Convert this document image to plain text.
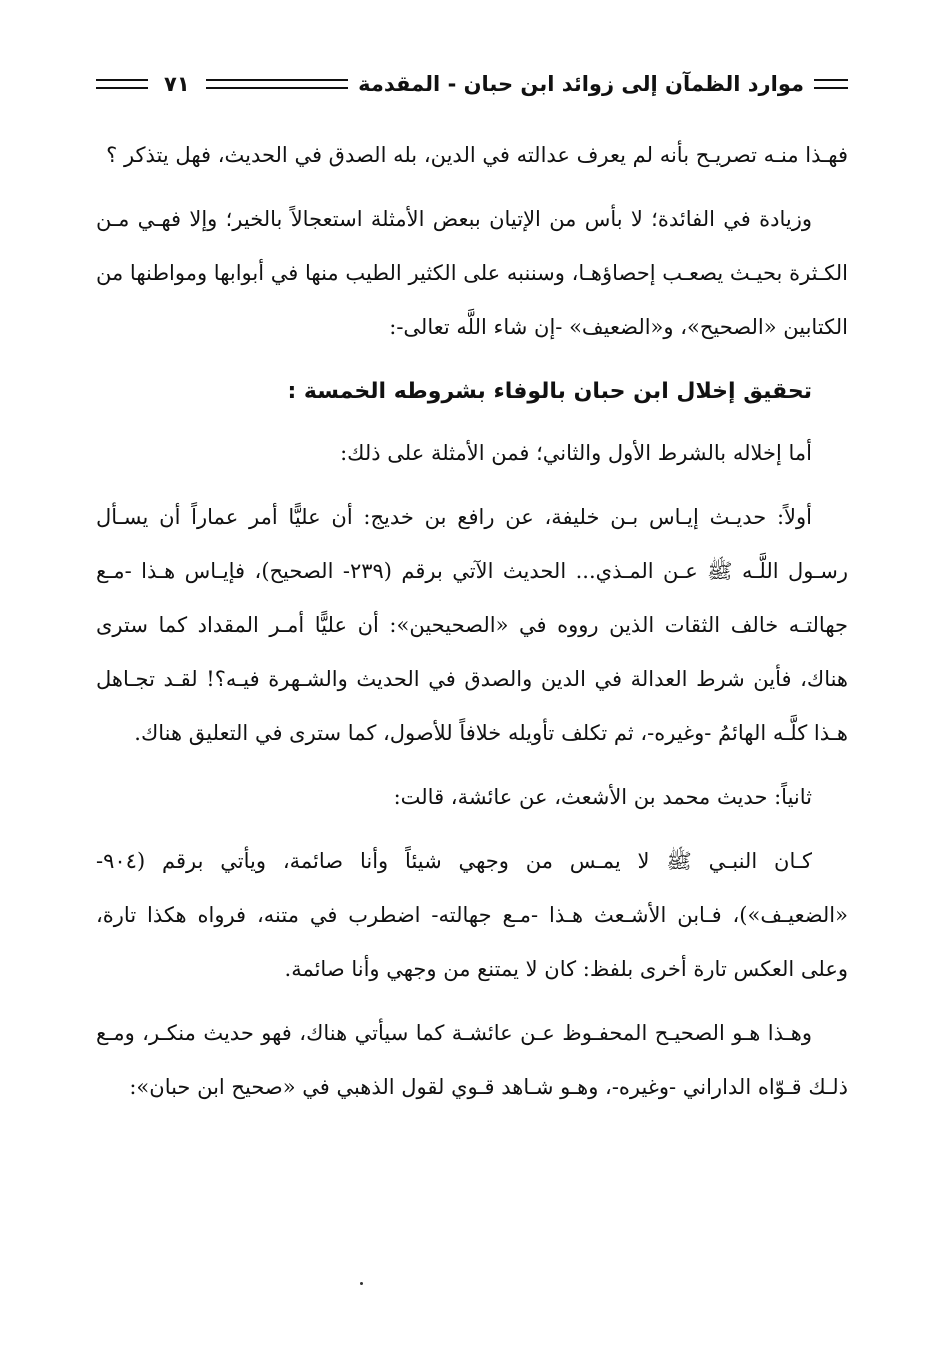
موارد الظمآن إلى زوائد ابن حبان - المقدمة
٧١

فهـذا منـه تصريـح بأنه لم يعرف عدالته في الدين، بله الصدق في الحديث، فهل يتذكر ؟

وزيادة في الفائدة؛ لا بأس من الإتيان ببعض الأمثلة استعجالاً بالخير؛ وإلا فهـي مـن الكـثرة بحيـث يصعـب إحصاؤهـا، وسننبه على الكثير الطيب منها في أبوابها ومواطنها من الكتابين «الصحيح»، و«الضعيف» -إن شاء اللَّه تعالى-:

تحقيق إخلال ابن حبان بالوفاء بشروطه الخمسة :

أما إخلاله بالشرط الأول والثاني؛ فمن الأمثلة على ذلك:

أولاً: حديـث إيـاس بـن خليفة، عن رافع بن خديج: أن عليًّا أمر عماراً أن يسـأل رسـول اللَّـه ﷺ عـن المـذي... الحديث الآتي برقم (٢٣٩- الصحيح)، فإيـاس هـذا -مـع جهالتـه خالف الثقات الذين رووه في «الصحيحين»: أن عليًّا أمـر المقداد كما سترى هناك، فأين شرط العدالة في الدين والصدق في الحديث والشـهرة فيـه؟! لقـد تجـاهل هـذا كلَّـه الهائمُ -وغيره-، ثم تكلف تأويله خلافاً للأصول، كما سترى في التعليق هناك.

ثانياً: حديث محمد بن الأشعث، عن عائشة، قالت:

كـان النبـي ﷺ لا يمـس من وجهي شيئاً وأنا صائمة، ويأتي برقم (٩٠٤- «الضعيـف»)، فـابن الأشـعث هـذا -مـع جهالته- اضطرب في متنه، فرواه هكذا تارة، وعلى العكس تارة أخرى بلفظ: كان لا يمتنع من وجهي وأنا صائمة.

وهـذا هـو الصحيـح المحفـوظ عـن عائشـة كما سيأتي هناك، فهو حديث منكـر، ومـع ذلـك قـوّاه الداراني -وغيره-، وهـو شـاهد قـوي لقول الذهبي في «صحيح ابن حبان»:
